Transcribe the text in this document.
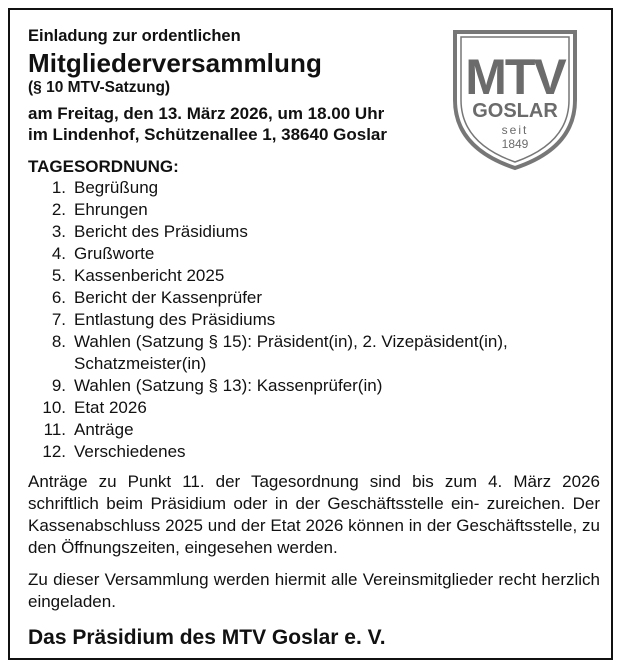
Einladung zur ordentlichen
Mitgliederversammlung
(§ 10 MTV-Satzung)
am Freitag, den 13. März 2026, um 18.00 Uhr
im Lindenhof, Schützenallee 1, 38640 Goslar
TAGESORDNUNG:
1. Begrüßung
2. Ehrungen
3. Bericht des Präsidiums
4. Grußworte
5. Kassenbericht 2025
6. Bericht der Kassenprüfer
7. Entlastung des Präsidiums
8. Wahlen (Satzung § 15): Präsident(in), 2. Vizepäsident(in), Schatzmeister(in)
9. Wahlen (Satzung § 13): Kassenprüfer(in)
10. Etat 2026
11. Anträge
12. Verschiedenes
Anträge zu Punkt 11. der Tagesordnung sind bis zum 4. März 2026 schriftlich beim Präsidium oder in der Geschäftsstelle ein- zureichen. Der Kassenabschluss 2025 und der Etat 2026 können in der Geschäftsstelle, zu den Öffnungszeiten, eingesehen werden.
Zu dieser Versammlung werden hiermit alle Vereinsmitglieder recht herzlich eingeladen.
Das Präsidium des MTV Goslar e. V.
MTV
GOSLAR
seit
1849
